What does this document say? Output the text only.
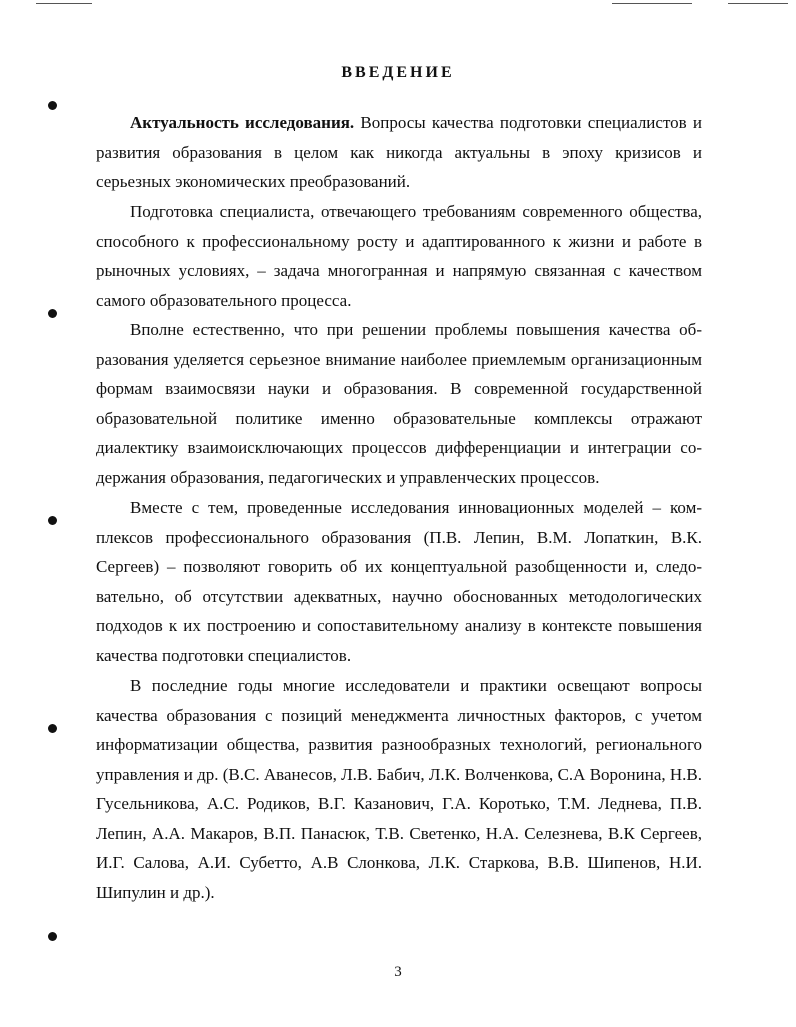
ВВЕДЕНИЕ

Актуальность исследования. Вопросы качества подготовки специалистов и развития образования в целом как никогда актуальны в эпоху кризисов и серьезных экономических преобразований.

Подготовка специалиста, отвечающего требованиям современного общества, способного к профессиональному росту и адаптированного к жизни и работе в рыночных условиях, – задача многогранная и напрямую связанная с качеством самого образовательного процесса.

Вполне естественно, что при решении проблемы повышения качества образования уделяется серьезное внимание наиболее приемлемым организационным формам взаимосвязи науки и образования. В современной государственной образовательной политике именно образовательные комплексы отражают диалектику взаимоисключающих процессов дифференциации и интеграции содержания образования, педагогических и управленческих процессов.

Вместе с тем, проведенные исследования инновационных моделей – комплексов профессионального образования (П.В. Лепин, В.М. Лопаткин, В.К. Сергеев) – позволяют говорить об их концептуальной разобщенности и, следовательно, об отсутствии адекватных, научно обоснованных методологических подходов к их построению и сопоставительному анализу в контексте повышения качества подготовки специалистов.

В последние годы многие исследователи и практики освещают вопросы качества образования с позиций менеджмента личностных факторов, с учетом информатизации общества, развития разнообразных технологий, регионального управления и др. (В.С. Аванесов, Л.В. Бабич, Л.К. Волченкова, С.А Воронина, Н.В. Гусельникова, А.С. Родиков, В.Г. Казанович, Г.А. Коротько, Т.М. Леднева, П.В. Лепин, А.А. Макаров, В.П. Панасюк, Т.В. Светенко, Н.А. Селезнева, В.К Сергеев, И.Г. Салова, А.И. Субетто, А.В Слонкова, Л.К. Старкова, В.В. Шипенов, Н.И. Шипулин и др.).

3
